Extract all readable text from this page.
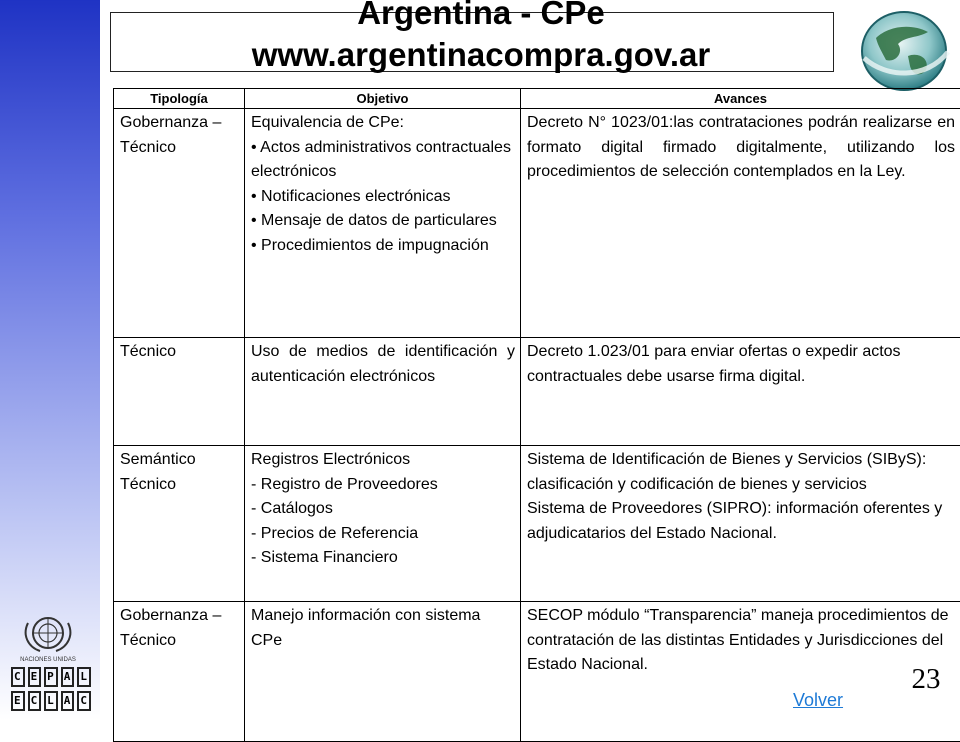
Argentina - CPe
www.argentinacompra.gov.ar
Tipología	Objetivo	Avances
Gobernanza – Técnico	Equivalencia de CPe:
• Actos administrativos contractuales electrónicos
• Notificaciones electrónicas
• Mensaje de datos de particulares
• Procedimientos de impugnación	Decreto N° 1023/01:las contrataciones podrán realizarse en formato digital firmado digitalmente, utilizando los procedimientos de selección contemplados en la Ley.
Técnico	Uso de medios de identificación y autenticación electrónicos	Decreto 1.023/01 para enviar ofertas o expedir actos contractuales debe usarse firma digital.

Semántico
Técnico	Registros Electrónicos
- Registro de Proveedores
- Catálogos
- Precios de Referencia
- Sistema Financiero	Sistema de Identificación de Bienes y Servicios (SIByS): clasificación y codificación de bienes y servicios
Sistema de Proveedores (SIPRO): información oferentes y adjudicatarios del Estado Nacional.

Gobernanza – Técnico	Manejo información con sistema CPe	SECOP módulo “Transparencia” maneja procedimientos de contratación de las distintas Entidades y Jurisdicciones del Estado Nacional.	23
Volver
NACIONES UNIDAS
C E P A L
E C L A C
